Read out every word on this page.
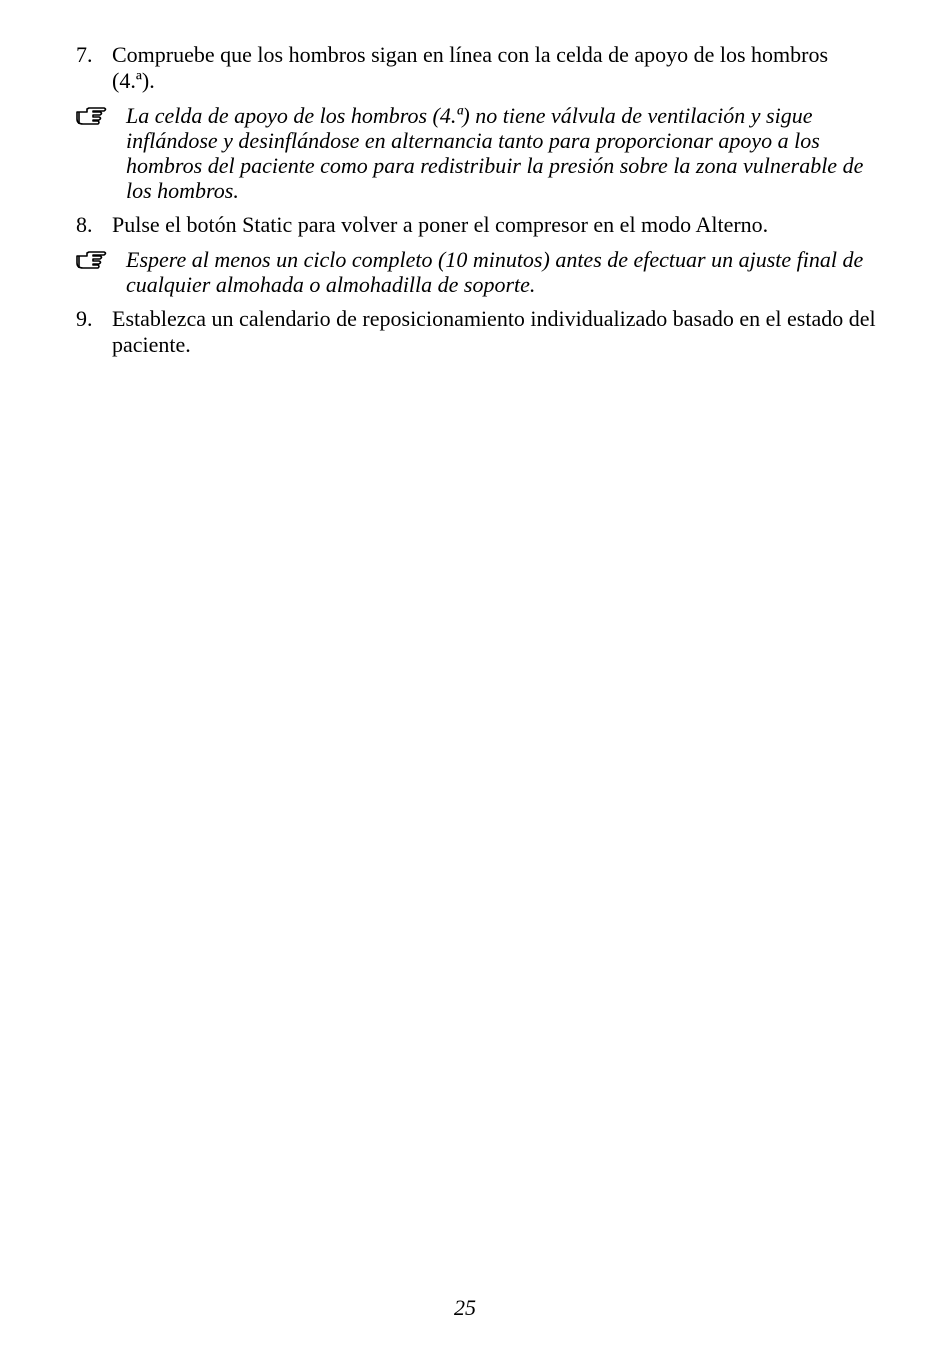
7. Compruebe que los hombros sigan en línea con la celda de apoyo de los hombros (4.ª).
La celda de apoyo de los hombros (4.ª) no tiene válvula de ventilación y sigue inflándose y desinflándose en alternancia tanto para proporcionar apoyo a los hombros del paciente como para redistribuir la presión sobre la zona vulnerable de los hombros.
8. Pulse el botón Static para volver a poner el compresor en el modo Alterno.
Espere al menos un ciclo completo (10 minutos) antes de efectuar un ajuste final de cualquier almohada o almohadilla de soporte.
9. Establezca un calendario de reposicionamiento individualizado basado en el estado del paciente.
25
